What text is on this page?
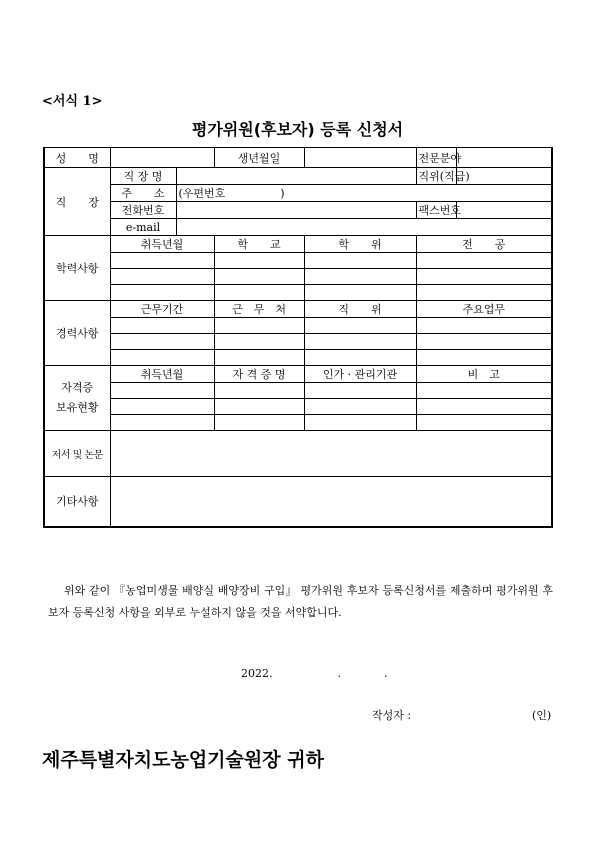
<서식 1>
평가위원(후보자) 등록 신청서
성　　명			생년월일		전문분야	
직　　장	직 장 명				직위(직급)	
	주　　소	(우편번호 )				
	전화번호				팩스번호	
	e-mail					
학력사항	취득년월		학　　교	학　　위	전　　공	

경력사항	근무기간		근　무　처	직　　위	주요업무	

자격증
보유현황	취득년월		자 격 증 명	인가 · 관리기관	비　고	

저서 및 논문						
기타사항						
위와 같이 『농업미생물 배양실 배양장비 구입』 평가위원 후보자 등록신청서를 제출하며 평가위원 후보자 등록신청 사항을 외부로 누설하지 않을 것을 서약합니다.
2022.	.	.
작성자 :	(인)
제주특별자치도농업기술원장 귀하
